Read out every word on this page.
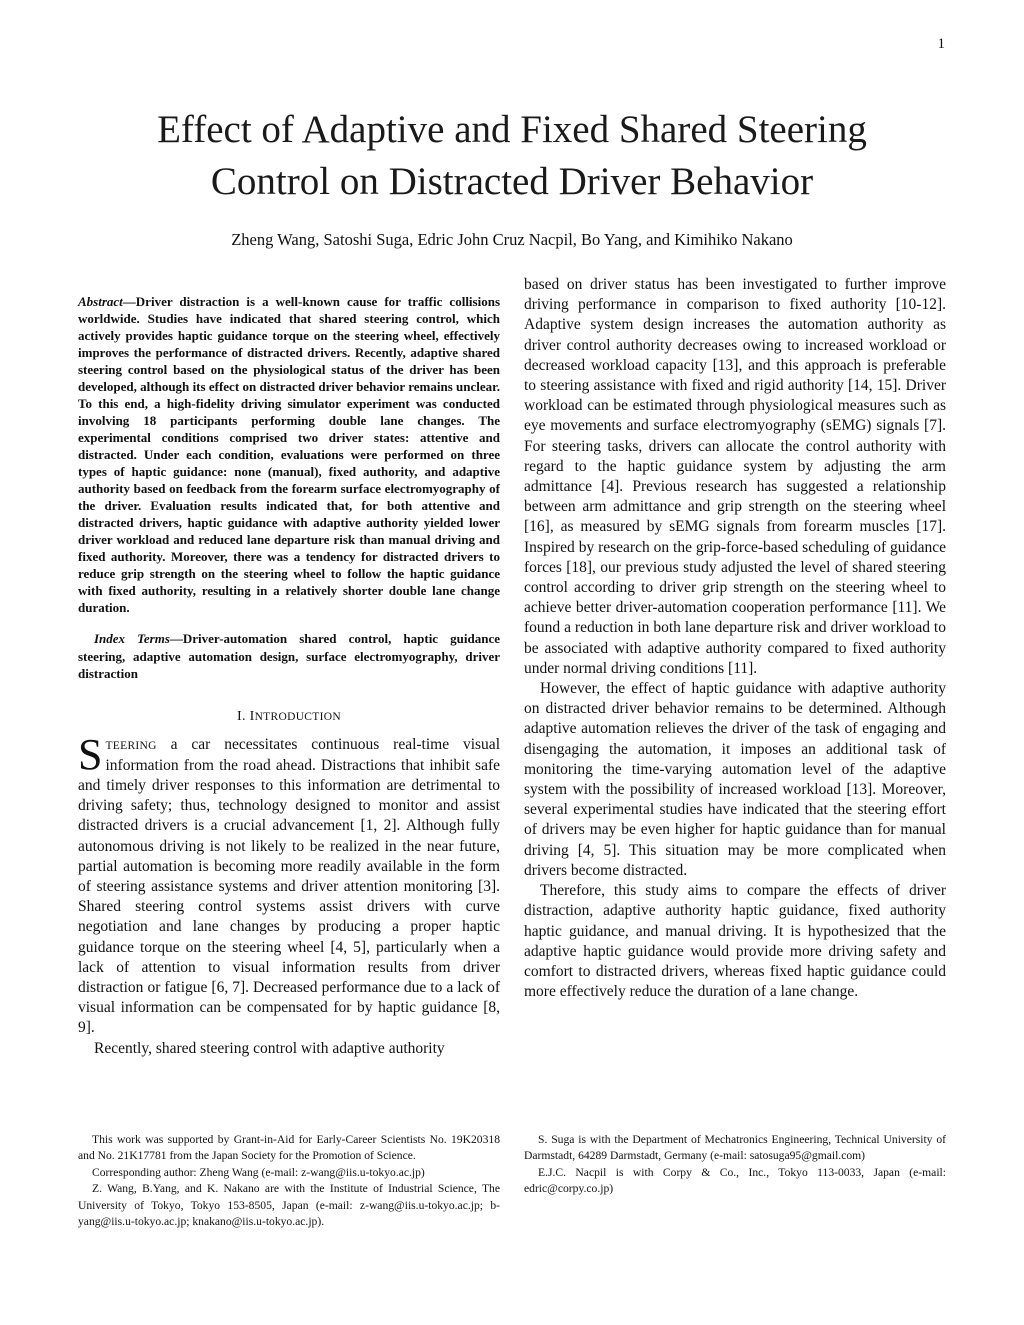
1
Effect of Adaptive and Fixed Shared Steering
Control on Distracted Driver Behavior
Zheng Wang, Satoshi Suga, Edric John Cruz Nacpil, Bo Yang, and Kimihiko Nakano

Abstract—Driver distraction is a well-known cause for traffic collisions worldwide. Studies have indicated that shared steering control, which actively provides haptic guidance torque on the steering wheel, effectively improves the performance of distracted drivers. Recently, adaptive shared steering control based on the physiological status of the driver has been developed, although its effect on distracted driver behavior remains unclear. To this end, a high-fidelity driving simulator experiment was conducted involving 18 participants performing double lane changes. The experimental conditions comprised two driver states: attentive and distracted. Under each condition, evaluations were performed on three types of haptic guidance: none (manual), fixed authority, and adaptive authority based on feedback from the forearm surface electromyography of the driver. Evaluation results indicated that, for both attentive and distracted drivers, haptic guidance with adaptive authority yielded lower driver workload and reduced lane departure risk than manual driving and fixed authority. Moreover, there was a tendency for distracted drivers to reduce grip strength on the steering wheel to follow the haptic guidance with fixed authority, resulting in a relatively shorter double lane change duration.

Index Terms—Driver-automation shared control, haptic guidance steering, adaptive automation design, surface electromyography, driver distraction

I. INTRODUCTION

STEERING a car necessitates continuous real-time visual information from the road ahead. Distractions that inhibit safe and timely driver responses to this information are detrimental to driving safety; thus, technology designed to monitor and assist distracted drivers is a crucial advancement [1, 2]. Although fully autonomous driving is not likely to be realized in the near future, partial automation is becoming more readily available in the form of steering assistance systems and driver attention monitoring [3]. Shared steering control systems assist drivers with curve negotiation and lane changes by producing a proper haptic guidance torque on the steering wheel [4, 5], particularly when a lack of attention to visual information results from driver distraction or fatigue [6, 7]. Decreased performance due to a lack of visual information can be compensated for by haptic guidance [8, 9].

Recently, shared steering control with adaptive authority

based on driver status has been investigated to further improve driving performance in comparison to fixed authority [10-12]. Adaptive system design increases the automation authority as driver control authority decreases owing to increased workload or decreased workload capacity [13], and this approach is preferable to steering assistance with fixed and rigid authority [14, 15]. Driver workload can be estimated through physiological measures such as eye movements and surface electromyography (sEMG) signals [7]. For steering tasks, drivers can allocate the control authority with regard to the haptic guidance system by adjusting the arm admittance [4]. Previous research has suggested a relationship between arm admittance and grip strength on the steering wheel [16], as measured by sEMG signals from forearm muscles [17]. Inspired by research on the grip-force-based scheduling of guidance forces [18], our previous study adjusted the level of shared steering control according to driver grip strength on the steering wheel to achieve better driver-automation cooperation performance [11]. We found a reduction in both lane departure risk and driver workload to be associated with adaptive authority compared to fixed authority under normal driving conditions [11].

However, the effect of haptic guidance with adaptive authority on distracted driver behavior remains to be determined. Although adaptive automation relieves the driver of the task of engaging and disengaging the automation, it imposes an additional task of monitoring the time-varying automation level of the adaptive system with the possibility of increased workload [13]. Moreover, several experimental studies have indicated that the steering effort of drivers may be even higher for haptic guidance than for manual driving [4, 5]. This situation may be more complicated when drivers become distracted.

Therefore, this study aims to compare the effects of driver distraction, adaptive authority haptic guidance, fixed authority haptic guidance, and manual driving. It is hypothesized that the adaptive haptic guidance would provide more driving safety and comfort to distracted drivers, whereas fixed haptic guidance could more effectively reduce the duration of a lane change.

This work was supported by Grant-in-Aid for Early-Career Scientists No. 19K20318 and No. 21K17781 from the Japan Society for the Promotion of Science.

Corresponding author: Zheng Wang (e-mail: z-wang@iis.u-tokyo.ac.jp)

Z. Wang, B.Yang, and K. Nakano are with the Institute of Industrial Science, The University of Tokyo, Tokyo 153-8505, Japan (e-mail: z-wang@iis.u-tokyo.ac.jp; b-yang@iis.u-tokyo.ac.jp; knakano@iis.u-tokyo.ac.jp).

S. Suga is with the Department of Mechatronics Engineering, Technical University of Darmstadt, 64289 Darmstadt, Germany (e-mail: satosuga95@gmail.com)

E.J.C. Nacpil is with Corpy & Co., Inc., Tokyo 113-0033, Japan (e-mail: edric@corpy.co.jp)
